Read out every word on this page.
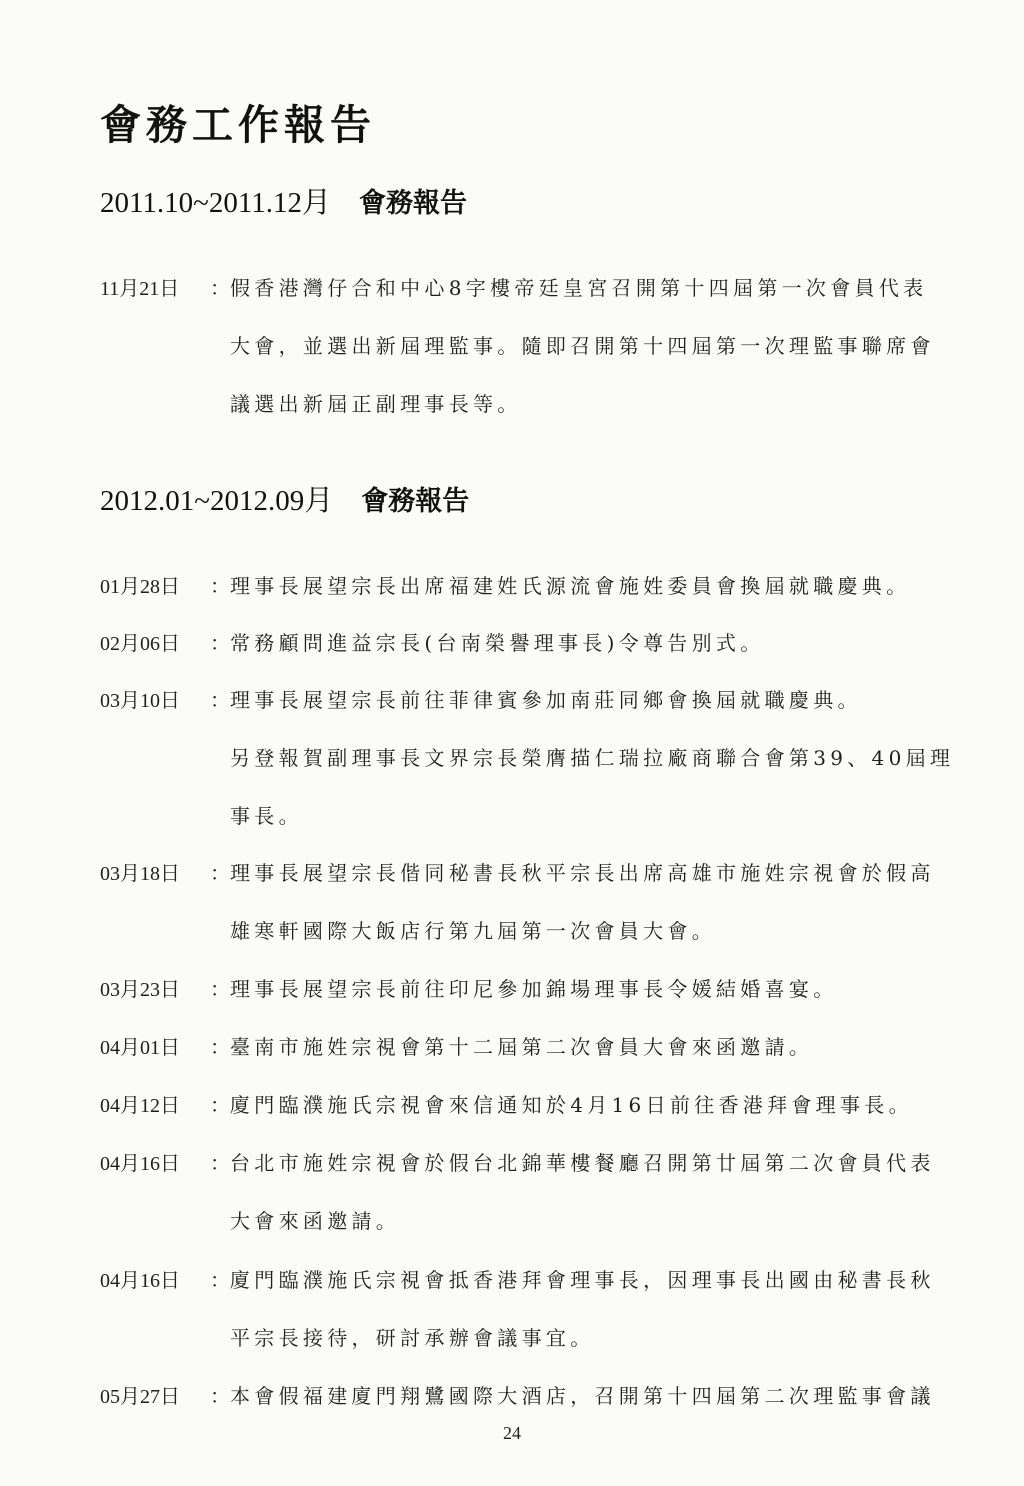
會務工作報告
2011.10~2011.12月 會務報告
11月21日 ： 假香港灣仔合和中心8字樓帝廷皇宮召開第十四屆第一次會員代表
大會，並選出新屆理監事。隨即召開第十四屆第一次理監事聯席會
議選出新屆正副理事長等。
2012.01~2012.09月 會務報告
01月28日 ： 理事長展望宗長出席福建姓氏源流會施姓委員會換屆就職慶典。
02月06日 ： 常務顧問進益宗長(台南榮譽理事長)令尊告別式。
03月10日 ： 理事長展望宗長前往菲律賓參加南莊同鄉會換屆就職慶典。
另登報賀副理事長文界宗長榮膺描仁瑞拉廠商聯合會第39、40屆理
事長。
03月18日 ： 理事長展望宗長偕同秘書長秋平宗長出席高雄市施姓宗視會於假高
雄寒軒國際大飯店行第九屆第一次會員大會。
03月23日 ： 理事長展望宗長前往印尼參加錦場理事長令媛結婚喜宴。
04月01日 ： 臺南市施姓宗視會第十二屆第二次會員大會來函邀請。
04月12日 ： 廈門臨濮施氏宗視會來信通知於4月16日前往香港拜會理事長。
04月16日 ： 台北市施姓宗視會於假台北錦華樓餐廳召開第廿屆第二次會員代表
大會來函邀請。
04月16日 ： 廈門臨濮施氏宗視會抵香港拜會理事長，因理事長出國由秘書長秋
平宗長接待，研討承辦會議事宜。
05月27日 ： 本會假福建廈門翔鷺國際大酒店，召開第十四屆第二次理監事會議
24
